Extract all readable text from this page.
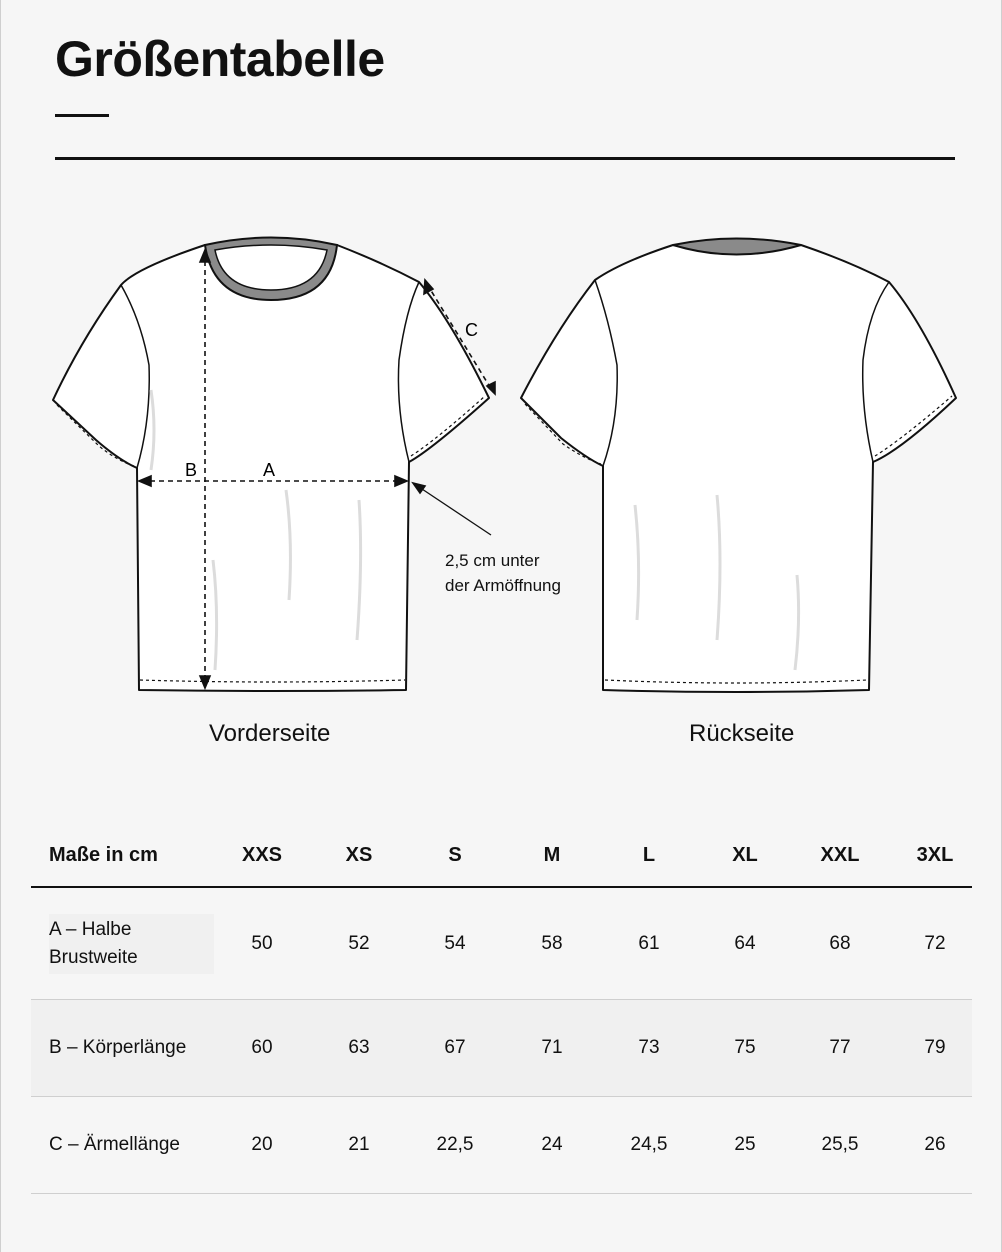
Größentabelle
B	A
C
2,5 cm unter
der Armöffnung
Vorderseite	Rückseite
Maße in cm	XXS	XS	S	M	L	XL	XXL	3XL
A – Halbe
Brustweite
50	52	54	58	61	64	68	72
B – Körperlänge	60	63	67	71	73	75	77	79
C – Ärmellänge	20	21	22,5	24	24,5	25	25,5	26
